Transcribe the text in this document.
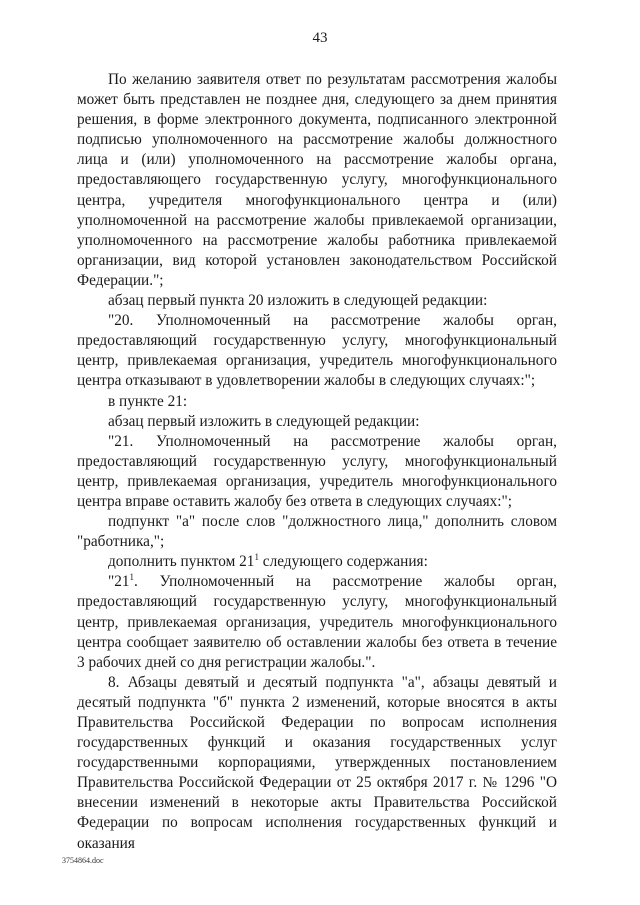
43

По желанию заявителя ответ по результатам рассмотрения жалобы может быть представлен не позднее дня, следующего за днем принятия решения, в форме электронного документа, подписанного электронной подписью уполномоченного на рассмотрение жалобы должностного лица и (или) уполномоченного на рассмотрение жалобы органа, предоставляющего государственную услугу, многофункционального центра, учредителя многофункционального центра и (или) уполномоченной на рассмотрение жалобы привлекаемой организации, уполномоченного на рассмотрение жалобы работника привлекаемой организации, вид которой установлен законодательством Российской Федерации.";

абзац первый пункта 20 изложить в следующей редакции:

"20. Уполномоченный на рассмотрение жалобы орган, предоставляющий государственную услугу, многофункциональный центр, привлекаемая организация, учредитель многофункционального центра отказывают в удовлетворении жалобы в следующих случаях:";

в пункте 21:

абзац первый изложить в следующей редакции:

"21. Уполномоченный на рассмотрение жалобы орган, предоставляющий государственную услугу, многофункциональный центр, привлекаемая организация, учредитель многофункционального центра вправе оставить жалобу без ответа в следующих случаях:";

подпункт "а" после слов "должностного лица," дополнить словом "работника,";

дополнить пунктом $21^1$ следующего содержания:

"$21^1$. Уполномоченный на рассмотрение жалобы орган, предоставляющий государственную услугу, многофункциональный центр, привлекаемая организация, учредитель многофункционального центра сообщает заявителю об оставлении жалобы без ответа в течение 3 рабочих дней со дня регистрации жалобы.".

8. Абзацы девятый и десятый подпункта "а", абзацы девятый и десятый подпункта "б" пункта 2 изменений, которые вносятся в акты Правительства Российской Федерации по вопросам исполнения государственных функций и оказания государственных услуг государственными корпорациями, утвержденных постановлением Правительства Российской Федерации от 25 октября 2017 г. № 1296 "О внесении изменений в некоторые акты Правительства Российской Федерации по вопросам исполнения государственных функций и оказания

3754864.doc
